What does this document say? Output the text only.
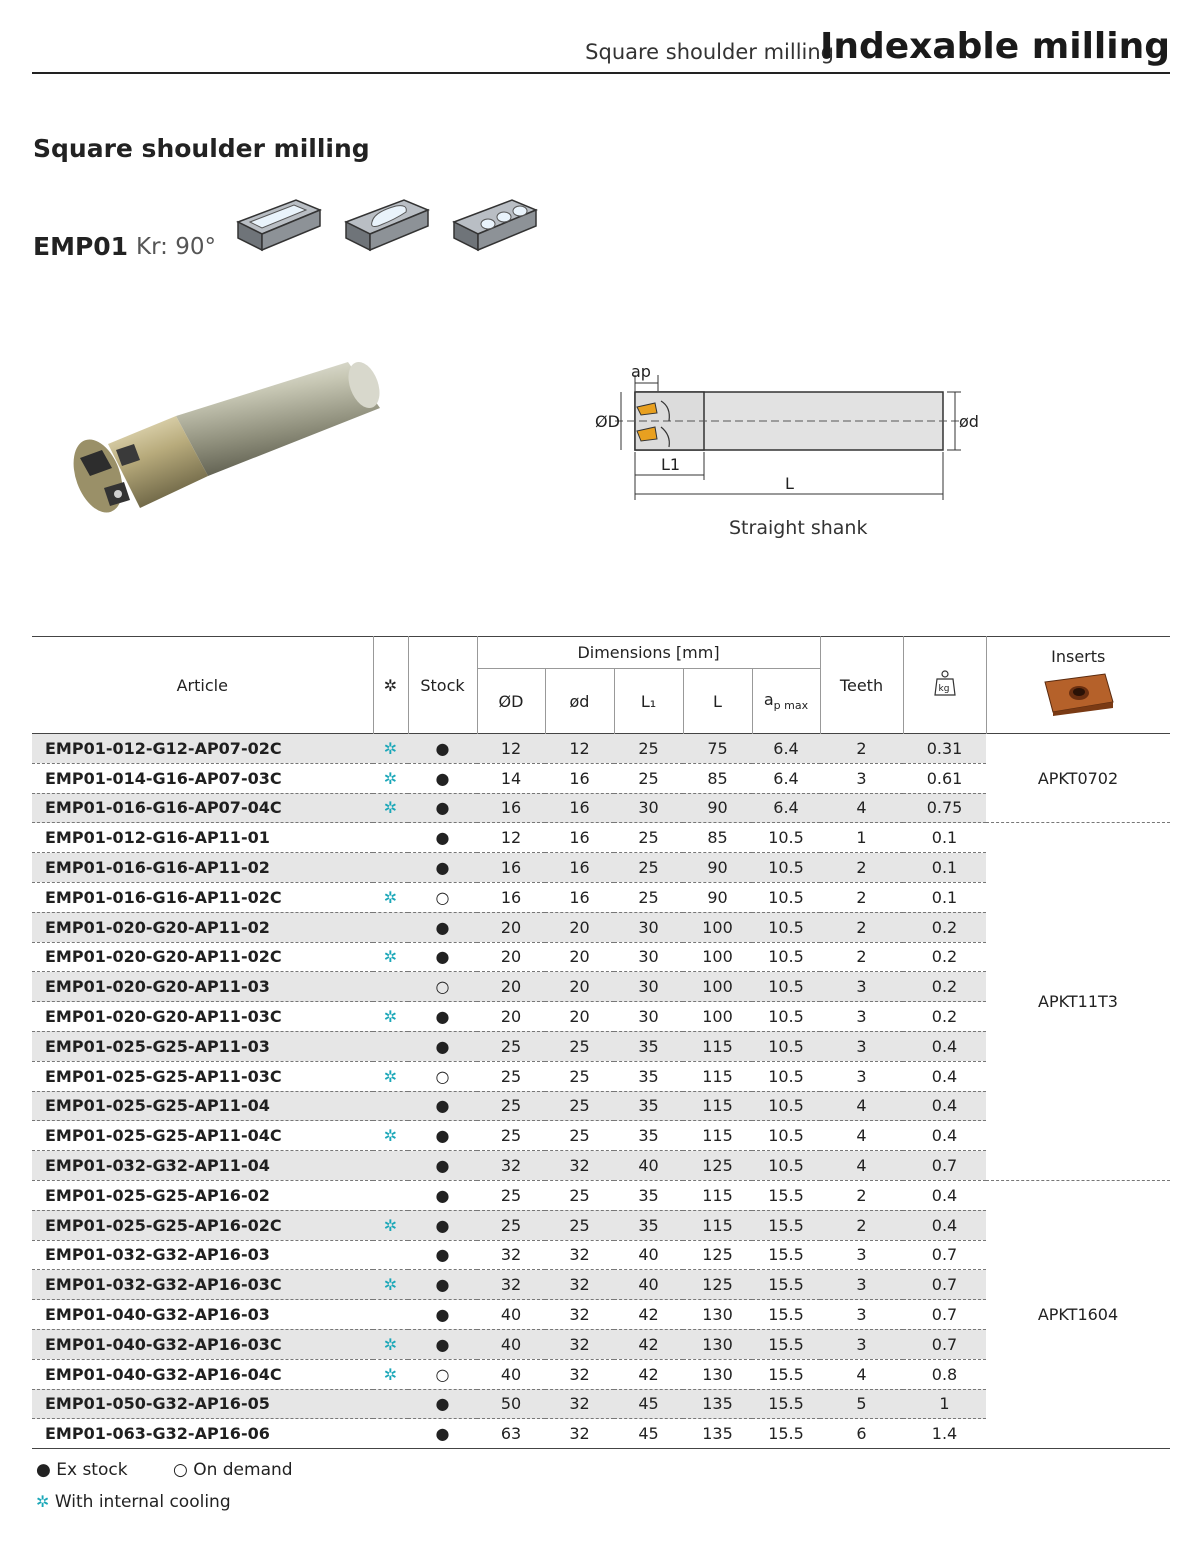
Square shoulder milling
Indexable milling
Square shoulder milling
EMP01 Kr: 90°
ap
ØD	ød
L1
L
Straight shank
Article	✲	Stock	Dimensions [mm]					Teeth	kg	Inserts

			ØD	ød	L₁	L	$a_{p max}$
EMP01-012-G12-AP07-02C	✲	●	12	12	25	75	6.4	2	0.31	APKT0702
EMP01-014-G16-AP07-03C	✲	●	14	16	25	85	6.4	3	0.61	
EMP01-016-G16-AP07-04C	✲	●	16	16	30	90	6.4	4	0.75	
EMP01-012-G16-AP11-01		●	12	16	25	85	10.5	1	0.1	APKT11T3
EMP01-016-G16-AP11-02		●	16	16	25	90	10.5	2	0.1	
EMP01-016-G16-AP11-02C	✲	○	16	16	25	90	10.5	2	0.1	
EMP01-020-G20-AP11-02		●	20	20	30	100	10.5	2	0.2	
EMP01-020-G20-AP11-02C	✲	●	20	20	30	100	10.5	2	0.2	
EMP01-020-G20-AP11-03		○	20	20	30	100	10.5	3	0.2	
EMP01-020-G20-AP11-03C	✲	●	20	20	30	100	10.5	3	0.2	
EMP01-025-G25-AP11-03		●	25	25	35	115	10.5	3	0.4	
EMP01-025-G25-AP11-03C	✲	○	25	25	35	115	10.5	3	0.4	
EMP01-025-G25-AP11-04		●	25	25	35	115	10.5	4	0.4	
EMP01-025-G25-AP11-04C	✲	●	25	25	35	115	10.5	4	0.4	
EMP01-032-G32-AP11-04		●	32	32	40	125	10.5	4	0.7	
EMP01-025-G25-AP16-02		●	25	25	35	115	15.5	2	0.4	APKT1604
EMP01-025-G25-AP16-02C	✲	●	25	25	35	115	15.5	2	0.4	
EMP01-032-G32-AP16-03		●	32	32	40	125	15.5	3	0.7	
EMP01-032-G32-AP16-03C	✲	●	32	32	40	125	15.5	3	0.7	
EMP01-040-G32-AP16-03		●	40	32	42	130	15.5	3	0.7	
EMP01-040-G32-AP16-03C	✲	●	40	32	42	130	15.5	3	0.7	
EMP01-040-G32-AP16-04C	✲	○	40	32	42	130	15.5	4	0.8	
EMP01-050-G32-AP16-05		●	50	32	45	135	15.5	5	1	
EMP01-063-G32-AP16-06		●	63	32	45	135	15.5	6	1.4	
● Ex stock	○ On demand
✲ With internal cooling
